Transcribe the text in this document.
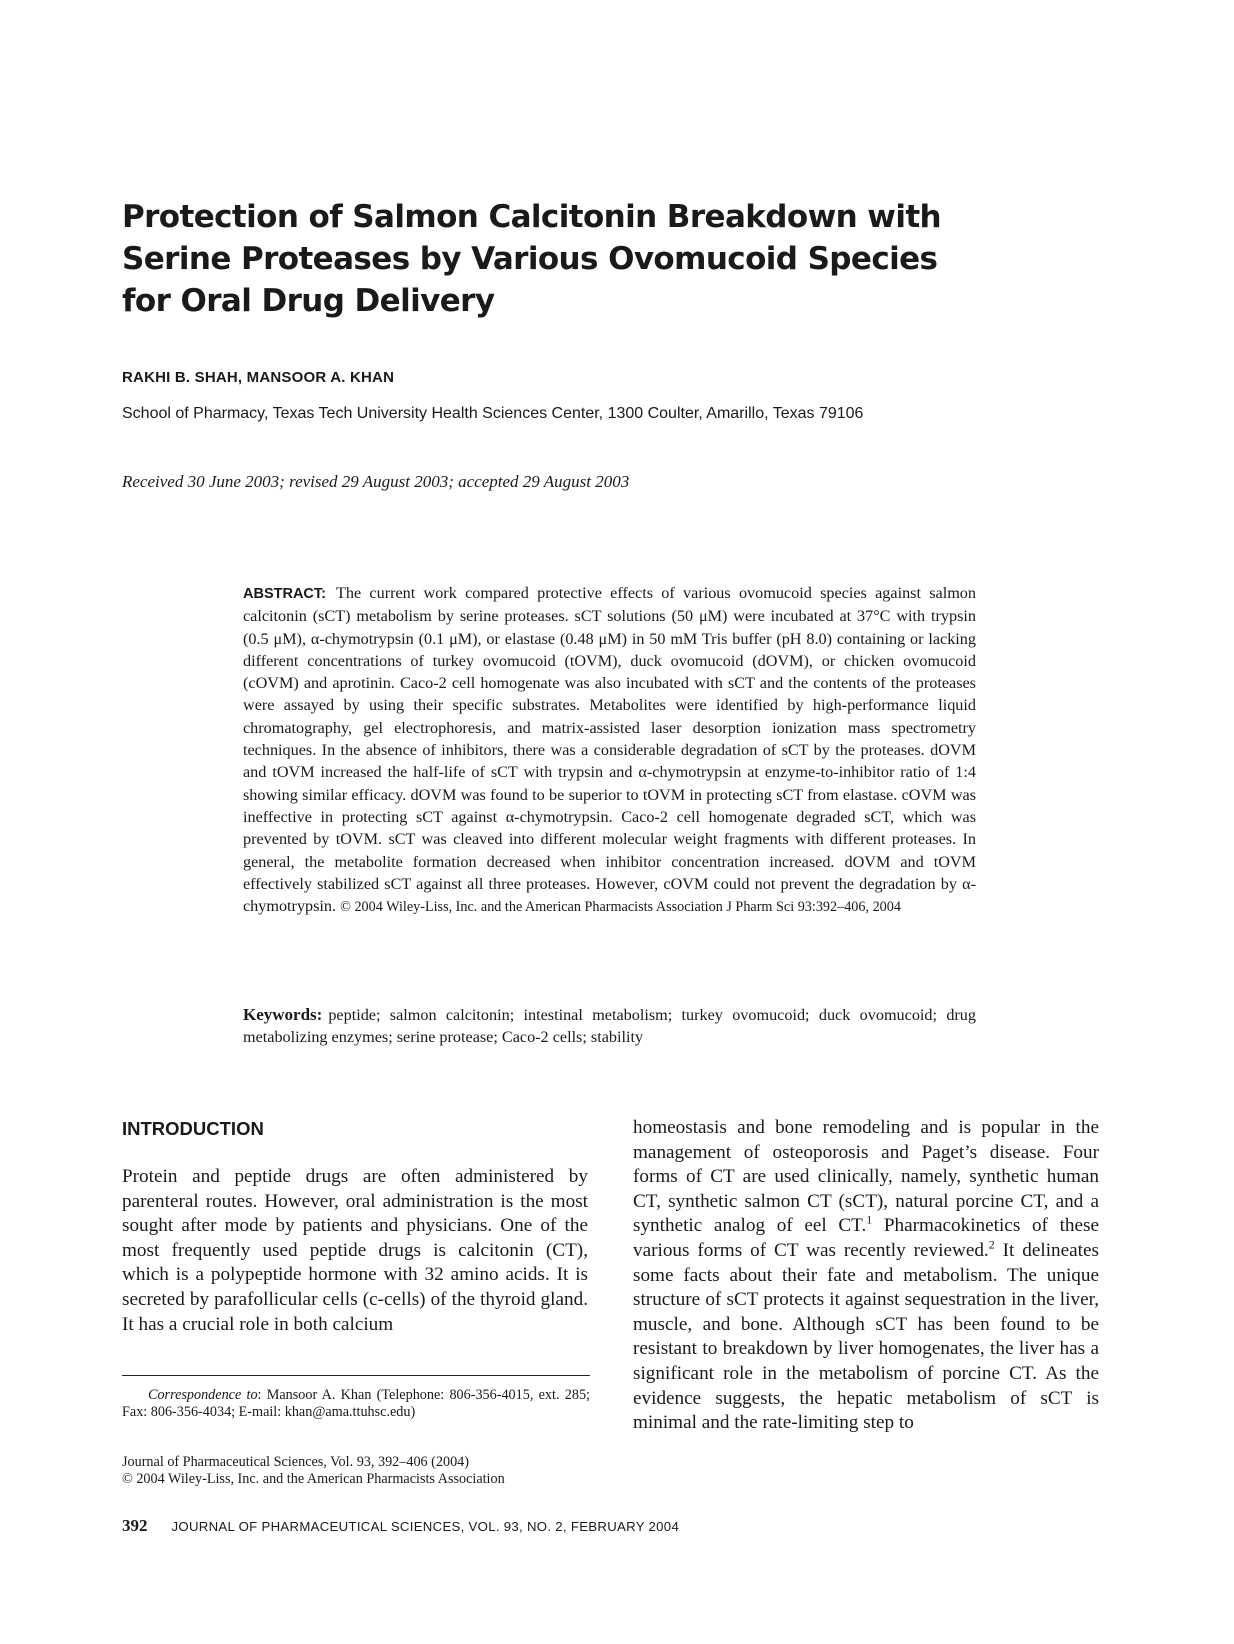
Protection of Salmon Calcitonin Breakdown with Serine Proteases by Various Ovomucoid Species for Oral Drug Delivery

RAKHI B. SHAH, MANSOOR A. KHAN

School of Pharmacy, Texas Tech University Health Sciences Center, 1300 Coulter, Amarillo, Texas 79106

Received 30 June 2003; revised 29 August 2003; accepted 29 August 2003

ABSTRACT: The current work compared protective effects of various ovomucoid species against salmon calcitonin (sCT) metabolism by serine proteases. sCT solutions (50 μM) were incubated at 37°C with trypsin (0.5 μM), α-chymotrypsin (0.1 μM), or elastase (0.48 μM) in 50 mM Tris buffer (pH 8.0) containing or lacking different concentrations of turkey ovomucoid (tOVM), duck ovomucoid (dOVM), or chicken ovomucoid (cOVM) and aprotinin. Caco-2 cell homogenate was also incubated with sCT and the contents of the proteases were assayed by using their specific substrates. Metabolites were identified by high-performance liquid chromatography, gel electrophoresis, and matrix-assisted laser desorption ionization mass spectrometry techniques. In the absence of inhibitors, there was a considerable degradation of sCT by the proteases. dOVM and tOVM increased the half-life of sCT with trypsin and α-chymotrypsin at enzyme-to-inhibitor ratio of 1:4 showing similar efficacy. dOVM was found to be superior to tOVM in protecting sCT from elastase. cOVM was ineffective in protecting sCT against α-chymotrypsin. Caco-2 cell homogenate degraded sCT, which was prevented by tOVM. sCT was cleaved into different molecular weight fragments with different proteases. In general, the metabolite formation decreased when inhibitor concentration increased. dOVM and tOVM effectively stabilized sCT against all three proteases. However, cOVM could not prevent the degradation by α-chymotrypsin. © 2004 Wiley-Liss, Inc. and the American Pharmacists Association J Pharm Sci 93:392–406, 2004
Keywords: peptide; salmon calcitonin; intestinal metabolism; turkey ovomucoid; duck ovomucoid; drug metabolizing enzymes; serine protease; Caco-2 cells; stability
INTRODUCTION

Protein and peptide drugs are often administered by parenteral routes. However, oral administration is the most sought after mode by patients and physicians. One of the most frequently used peptide drugs is calcitonin (CT), which is a polypeptide hormone with 32 amino acids. It is secreted by parafollicular cells (c-cells) of the thyroid gland. It has a crucial role in both calcium

homeostasis and bone remodeling and is popular in the management of osteoporosis and Paget’s disease. Four forms of CT are used clinically, namely, synthetic human CT, synthetic salmon CT (sCT), natural porcine CT, and a synthetic analog of eel CT.$^1$ Pharmacokinetics of these various forms of CT was recently reviewed.$^2$ It delineates some facts about their fate and metabolism. The unique structure of sCT protects it against sequestration in the liver, muscle, and bone. Although sCT has been found to be resistant to breakdown by liver homogenates, the liver has a significant role in the metabolism of porcine CT. As the evidence suggests, the hepatic metabolism of sCT is minimal and the rate-limiting step to

Correspondence to: Mansoor A. Khan (Telephone: 806-356-4015, ext. 285; Fax: 806-356-4034; E-mail: khan@ama.ttuhsc.edu)

Journal of Pharmaceutical Sciences, Vol. 93, 392–406 (2004)
© 2004 Wiley-Liss, Inc. and the American Pharmacists Association

392 JOURNAL OF PHARMACEUTICAL SCIENCES, VOL. 93, NO. 2, FEBRUARY 2004
